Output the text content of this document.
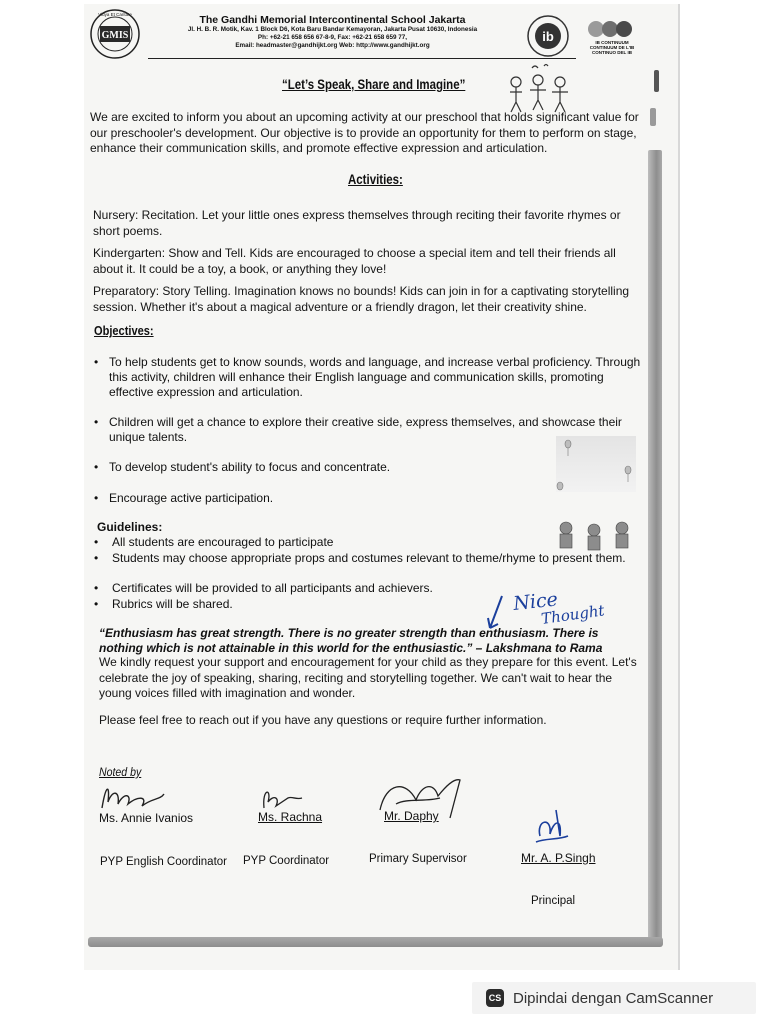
GMIS
Vidya Et Caritate	The Gandhi Memorial Intercontinental School Jakarta
Jl. H. B. R. Motik, Kav. 1 Block D6, Kota Baru Bandar Kemayoran, Jakarta Pusat 10630, Indonesia
Ph: +62-21 658 656 67-8-9, Fax: +62-21 658 659 77,
Email: headmaster@gandhijkt.org Web: http://www.gandhijkt.org
ib	IB CONTINUUM CONTINUUM DE L'IB CONTINUO DEL IB
“Let’s Speak, Share and Imagine”
We are excited to inform you about an upcoming activity at our preschool that holds significant value for our preschooler's development. Our objective is to provide an opportunity for them to perform on stage, enhance their communication skills, and promote effective expression and articulation.
Activities:
Nursery: Recitation. Let your little ones express themselves through reciting their favorite rhymes or short poems.
Kindergarten: Show and Tell. Kids are encouraged to choose a special item and tell their friends all about it. It could be a toy, a book, or anything they love!
Preparatory: Story Telling. Imagination knows no bounds! Kids can join in for a captivating storytelling session. Whether it's about a magical adventure or a friendly dragon, let their creativity shine.
Objectives:
• To help students get to know sounds, words and language, and increase verbal proficiency. Through this activity, children will enhance their English language and communication skills, promoting effective expression and articulation.
• Children will get a chance to explore their creative side, express themselves, and showcase their unique talents.
• To develop student's ability to focus and concentrate.
• Encourage active participation.
Guidelines:
• All students are encouraged to participate
• Students may choose appropriate props and costumes relevant to theme/rhyme to present them.
• Certificates will be provided to all participants and achievers.
• Rubrics will be shared.	Nice
Thought
“Enthusiasm has great strength. There is no greater strength than enthusiasm. There is nothing which is not attainable in this world for the enthusiastic.” – Lakshmana to Rama
We kindly request your support and encouragement for your child as they prepare for this event. Let's celebrate the joy of speaking, sharing, reciting and storytelling together. We can't wait to hear the young voices filled with imagination and wonder.
Please feel free to reach out if you have any questions or require further information.
Noted by
Ms. Annie Ivanios	Ms. Rachna	Mr. Daphy
Mr. A. P.Singh
PYP English Coordinator PYP Coordinator	Primary Supervisor
Principal
CS Dipindai dengan CamScanner
